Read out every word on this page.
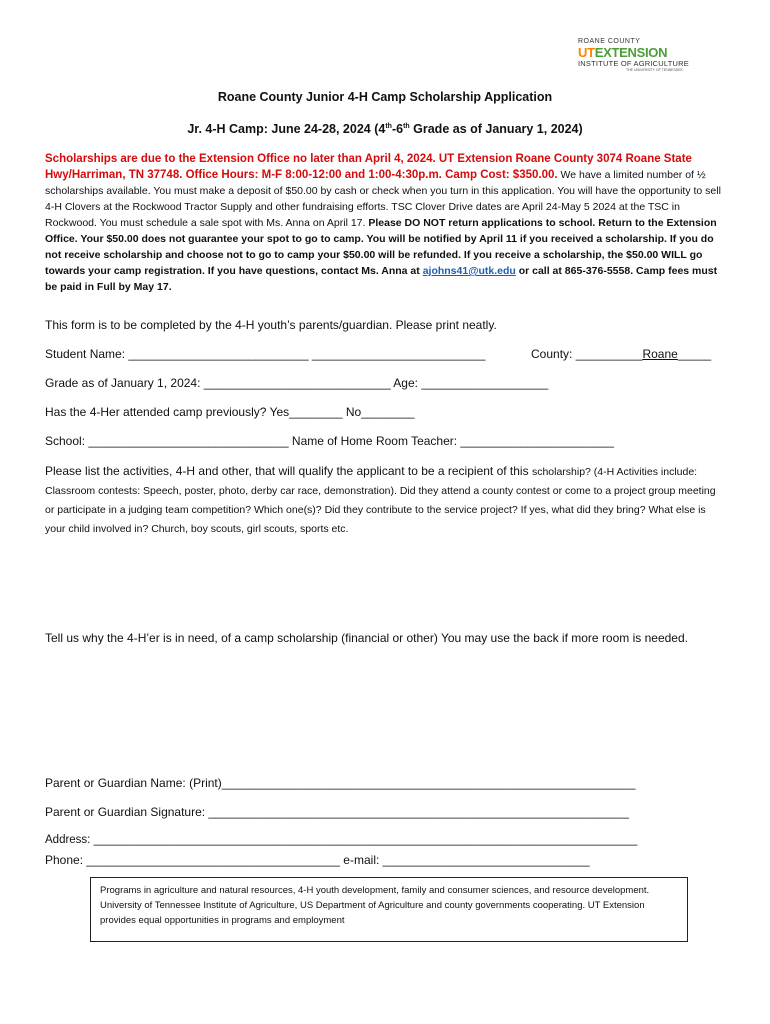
ROANE COUNTY
UTEXTENSION
INSTITUTE OF AGRICULTURE
THE UNIVERSITY OF TENNESSEE
Roane County Junior 4-H Camp Scholarship Application
Jr. 4-H Camp: June 24-28, 2024 (4th-6th Grade as of January 1, 2024)
Scholarships are due to the Extension Office no later than April 4, 2024. UT Extension Roane County 3074 Roane State Hwy/Harriman, TN 37748. Office Hours: M-F 8:00-12:00 and 1:00-4:30p.m. Camp Cost: $350.00. We have a limited number of ½ scholarships available. You must make a deposit of $50.00 by cash or check when you turn in this application. You will have the opportunity to sell 4-H Clovers at the Rockwood Tractor Supply and other fundraising efforts. TSC Clover Drive dates are April 24-May 5 2024 at the TSC in Rockwood. You must schedule a sale spot with Ms. Anna on April 17. Please DO NOT return applications to school. Return to the Extension Office. Your $50.00 does not guarantee your spot to go to camp. You will be notified by April 11 if you received a scholarship. If you do not receive scholarship and choose not to go to camp your $50.00 will be refunded. If you receive a scholarship, the $50.00 WILL go towards your camp registration. If you have questions, contact Ms. Anna at ajohns41@utk.edu or call at 865-376-5558. Camp fees must be paid in Full by May 17.
This form is to be completed by the 4-H youth’s parents/guardian. Please print neatly.
Student Name: ___________________________ __________________________	County: __________Roane_____
Grade as of January 1, 2024: ____________________________ Age: ___________________
Has the 4-Her attended camp previously? Yes________ No________
School: ______________________________ Name of Home Room Teacher: _______________________
Please list the activities, 4-H and other, that will qualify the applicant to be a recipient of this scholarship? (4-H Activities include: Classroom contests: Speech, poster, photo, derby car race, demonstration). Did they attend a county contest or come to a project group meeting or participate in a judging team competition? Which one(s)? Did they contribute to the service project? If yes, what did they bring? What else is your child involved in? Church, boy scouts, girl scouts, sports etc.
Tell us why the 4-H’er is in need, of a camp scholarship (financial or other) You may use the back if more room is needed.
Parent or Guardian Name: (Print)______________________________________________________________
Parent or Guardian Signature: _______________________________________________________________
Address: _____________________________________________________________________________________
Phone: ______________________________________ e-mail: _______________________________
Programs in agriculture and natural resources, 4-H youth development, family and consumer sciences, and resource development. University of Tennessee Institute of Agriculture, US Department of Agriculture and county governments cooperating. UT Extension provides equal opportunities in programs and employment
